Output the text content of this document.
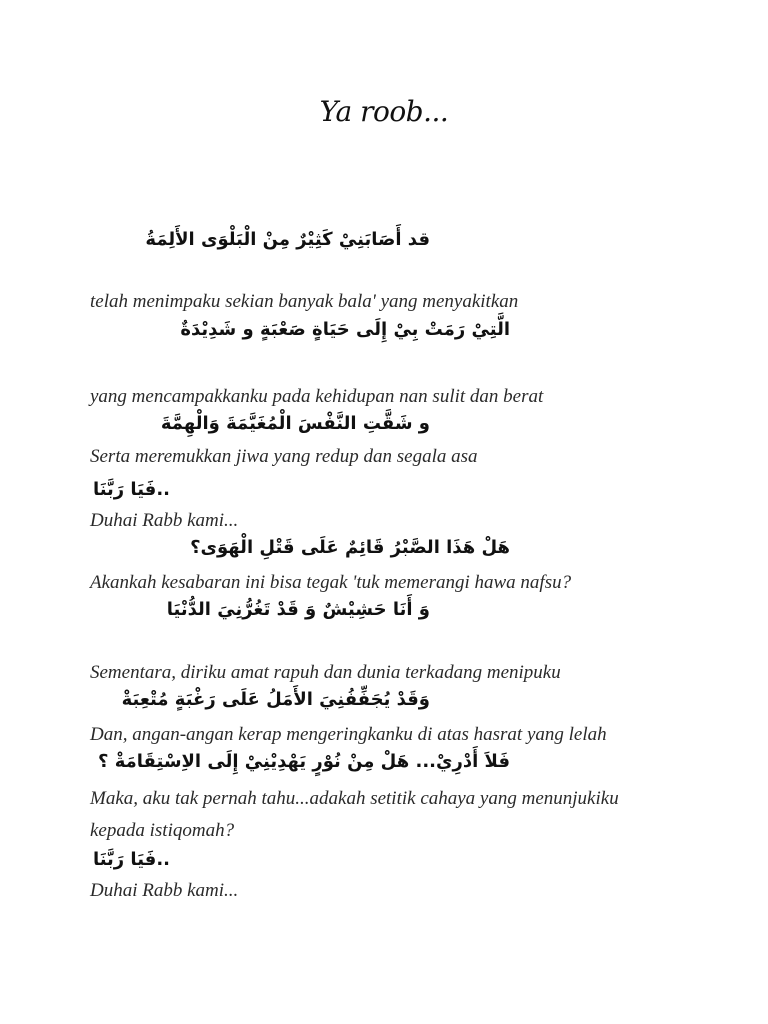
Ya roob...
قد أَصَابَنِيْ كَثِيْرٌ مِنْ الْبَلْوَى الأَلِمَةُ
telah menimpaku sekian banyak bala' yang menyakitkan
الَّتِيْ رَمَتْ بِيْ إِلَى حَيَاةٍ صَعْبَةٍ و شَدِيْدَةٌ
yang mencampakkanku pada kehidupan nan sulit dan berat
و شَقَّتِ النَّفْسَ الْمُغَيَّمَةَ وَالْهِمَّةَ
Serta meremukkan jiwa yang redup dan segala asa
..فَيَا رَبَّنَا
Duhai Rabb kami...
هَلْ هَذَا الصَّبْرُ قَائِمٌ عَلَى قَتْلِ الْهَوَى؟
Akankah kesabaran ini bisa tegak 'tuk memerangi hawa nafsu?
وَ أَنَا حَشِيْشٌ وَ قَدْ تَغُرُّنِيَ الدُّنْيَا
Sementara, diriku amat rapuh dan dunia terkadang menipuku
وَقَدْ يُجَفِّفُنِيَ الأَمَلُ عَلَى رَغْبَةٍ مُتْعِبَةْ
Dan, angan-angan kerap mengeringkanku di atas hasrat yang lelah
فَلاَ أَدْرِيْ... هَلْ مِنْ نُوْرٍ يَهْدِيْنِيْ إِلَى الاِسْتِقَامَةْ ؟
Maka, aku tak pernah tahu...adakah setitik cahaya yang menunjukiku kepada istiqomah?
..فَيَا رَبَّنَا
Duhai Rabb kami...
